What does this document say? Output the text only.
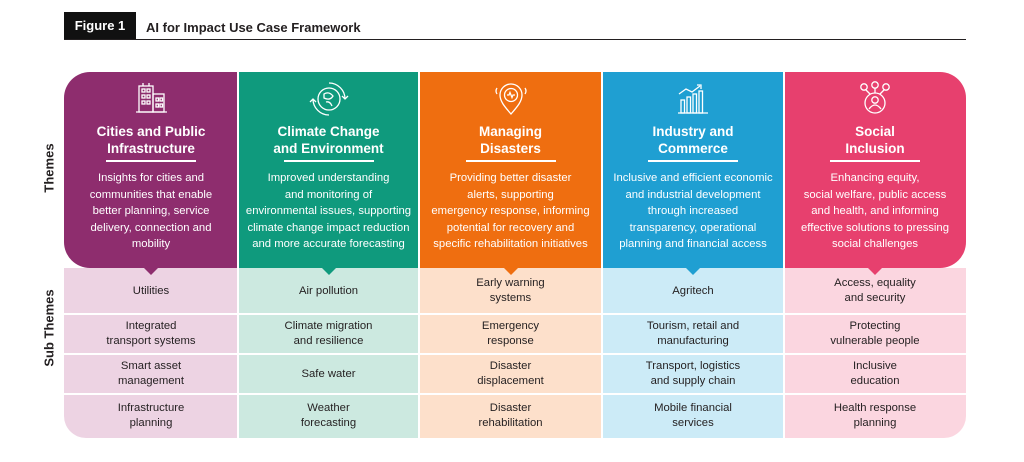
Figure 1	AI for Impact Use Case Framework
Themes
Sub Themes	Utilities
Integrated
transport systems
Smart asset
management
Infrastructure
planning
Cities and Public
Infrastructure
Insights for cities and
communities that enable
better planning, service
delivery, connection and
mobility
Air pollution
Climate migration
and resilience
Safe water
Weather
forecasting
Climate Change
and Environment
Improved understanding
and monitoring of
environmental issues, supporting
climate change impact reduction
and more accurate forecasting
Early warning
systems
Emergency
response
Disaster
displacement
Disaster
rehabilitation
Managing
Disasters
Providing better disaster
alerts, supporting
emergency response, informing
potential for recovery and
specific rehabilitation initiatives
Agritech
Tourism, retail and
manufacturing
Transport, logistics
and supply chain
Mobile financial
services
Industry and
Commerce
Inclusive and efficient economic
and industrial development
through increased
transparency, operational
planning and financial access
Access, equality
and security
Protecting
vulnerable people
Inclusive
education
Health response
planning
Social
Inclusion
Enhancing equity,
social welfare, public access
and health, and informing
effective solutions to pressing
social challenges
